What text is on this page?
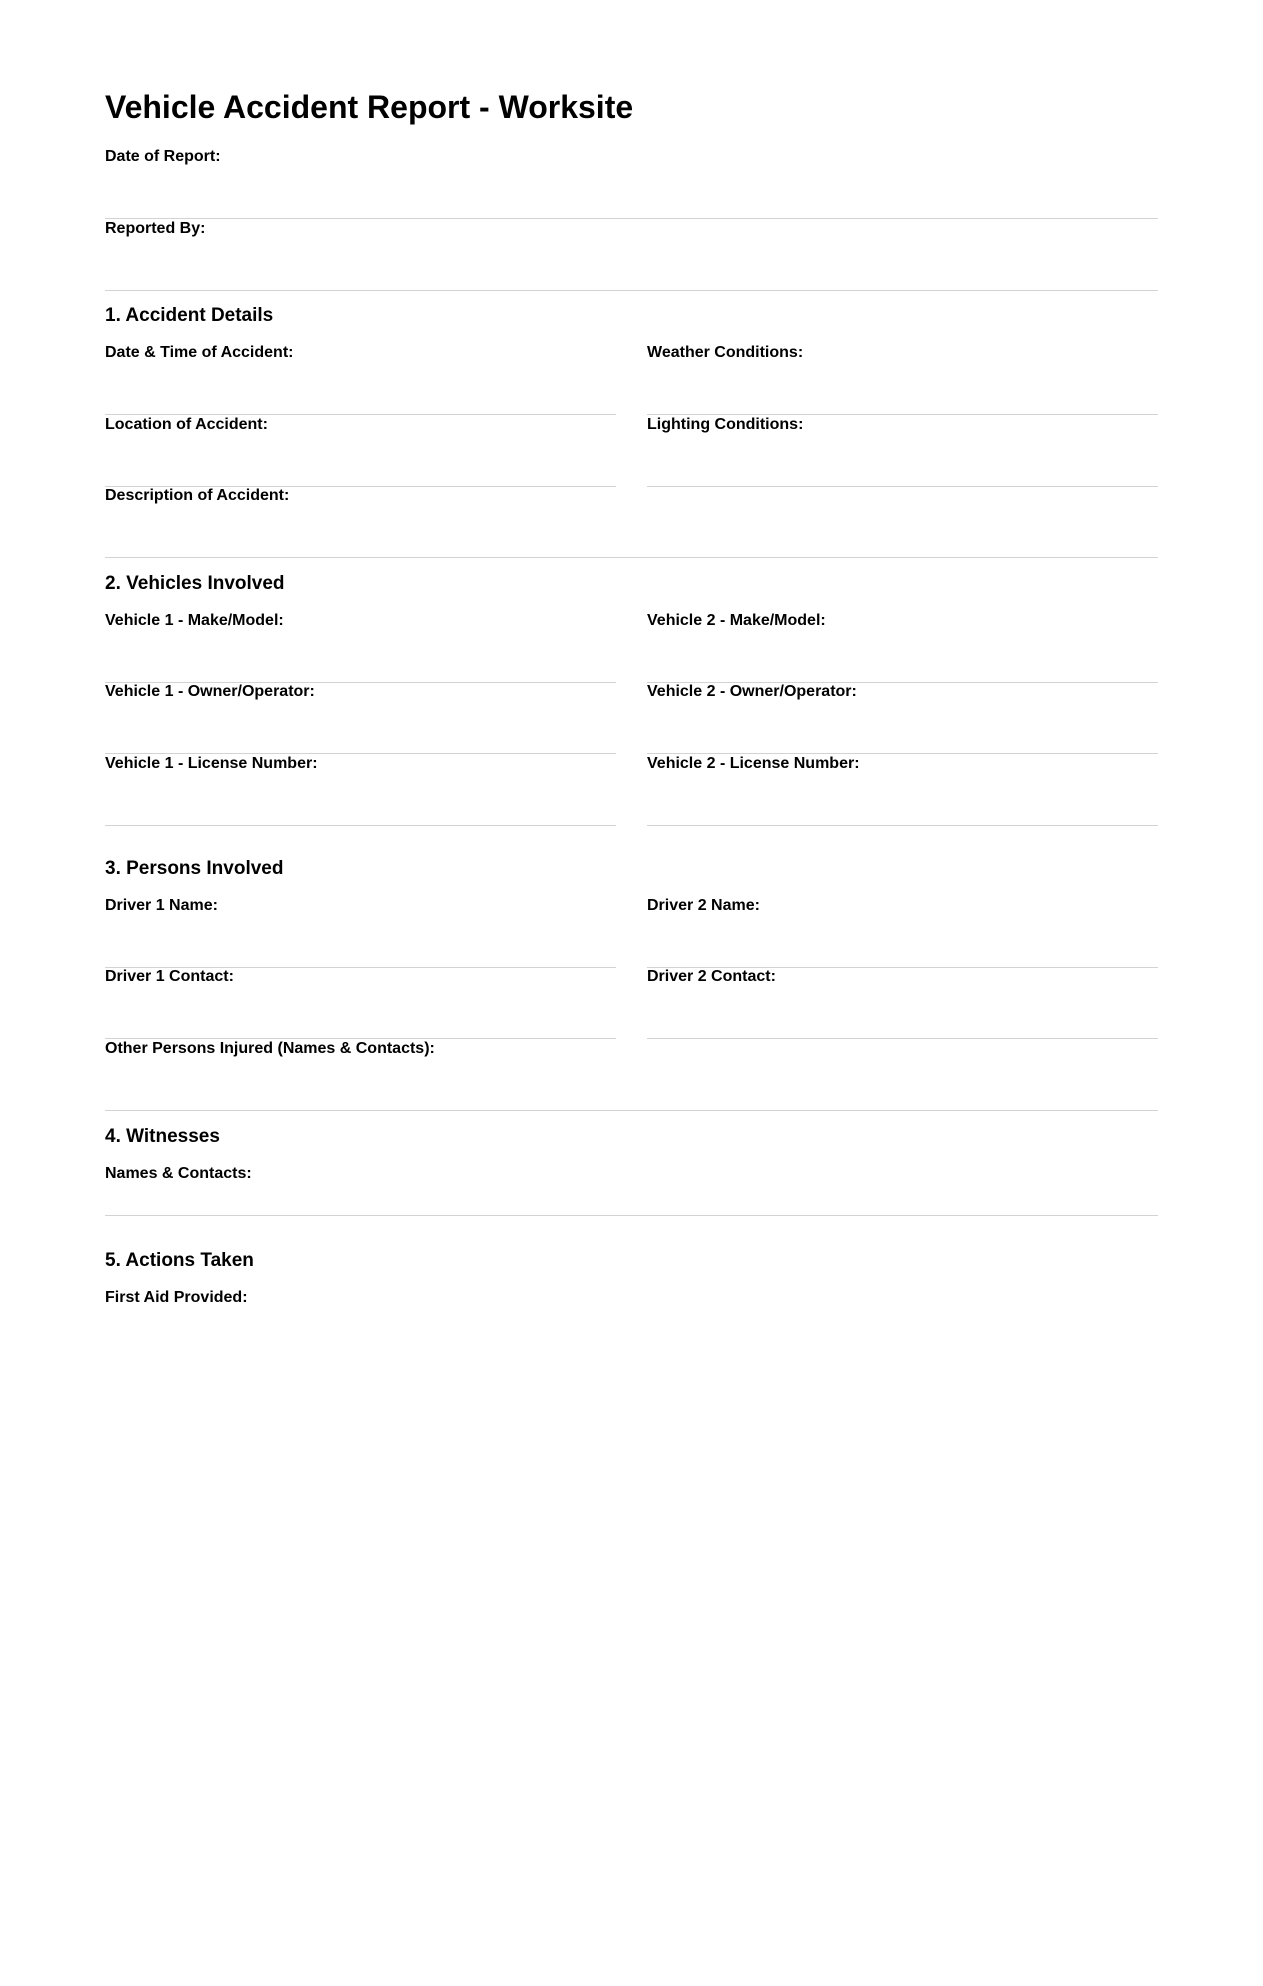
Vehicle Accident Report - Worksite
Date of Report:
Reported By:
1. Accident Details
Date & Time of Accident:	Weather Conditions:
Location of Accident:	Lighting Conditions:
Description of Accident:
2. Vehicles Involved
Vehicle 1 - Make/Model:	Vehicle 2 - Make/Model:
Vehicle 1 - Owner/Operator:	Vehicle 2 - Owner/Operator:
Vehicle 1 - License Number:	Vehicle 2 - License Number:
3. Persons Involved
Driver 1 Name:	Driver 2 Name:
Driver 1 Contact:	Driver 2 Contact:
Other Persons Injured (Names & Contacts):
4. Witnesses
Names & Contacts:
5. Actions Taken
First Aid Provided:
